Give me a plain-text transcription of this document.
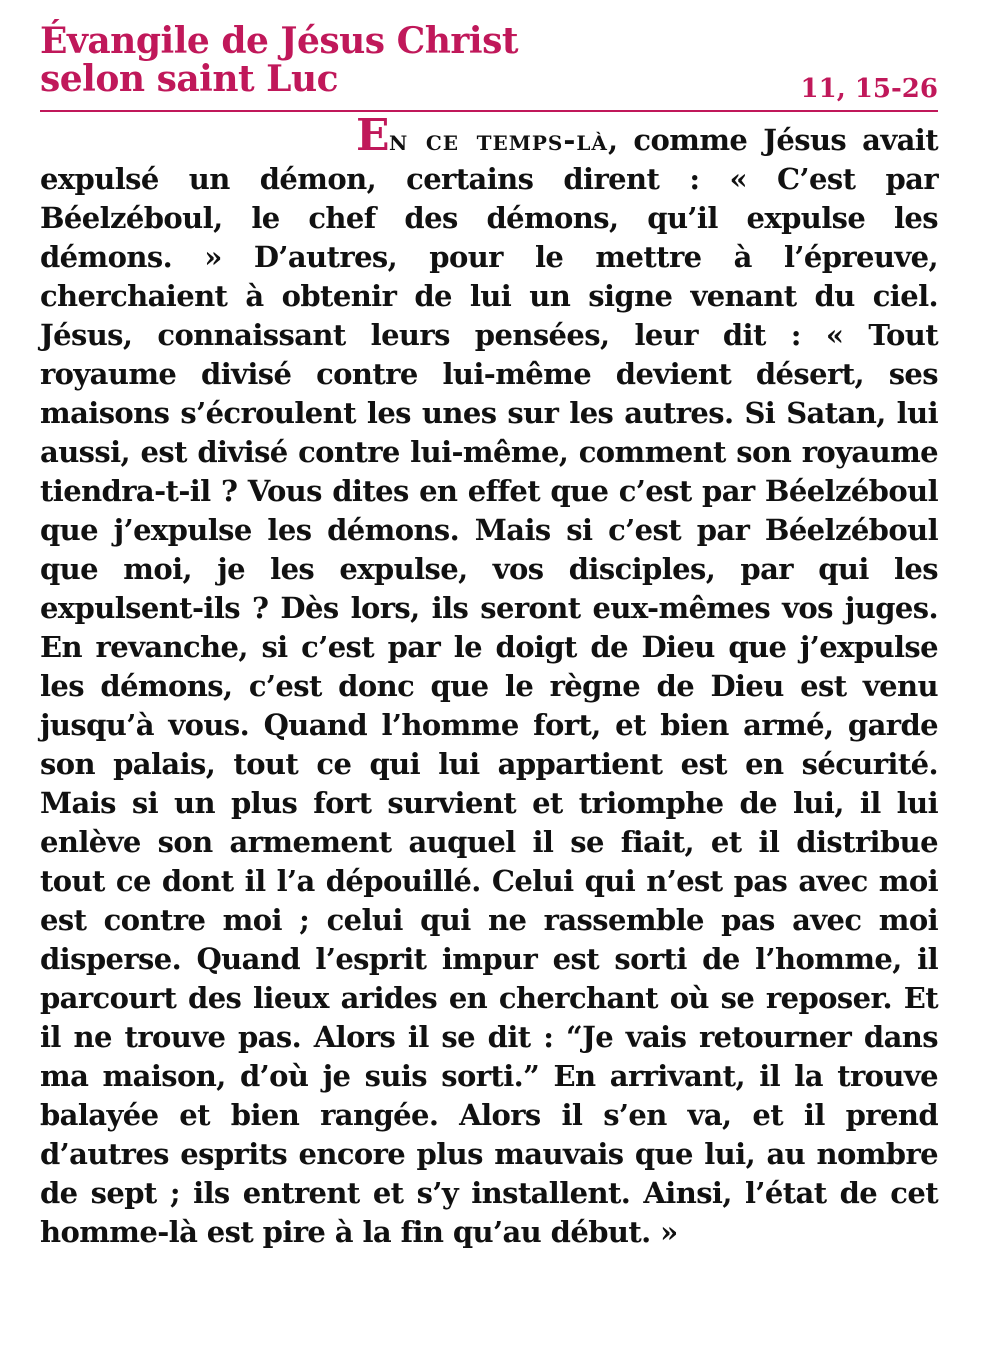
Évangile de Jésus Christ
selon saint Luc	11, 15-26

En ce temps-là, comme Jésus avait expulsé un démon, certains dirent : « C’est par Béelzéboul, le chef des démons, qu’il expulse les démons. » D’autres, pour le mettre à l’épreuve, cherchaient à obtenir de lui un signe venant du ciel. Jésus, connaissant leurs pensées, leur dit : « Tout royaume divisé contre lui-même devient désert, ses maisons s’écroulent les unes sur les autres. Si Satan, lui aussi, est divisé contre lui-même, comment son royaume tiendra-t-il ? Vous dites en effet que c’est par Béelzéboul que j’expulse les démons. Mais si c’est par Béelzéboul que moi, je les expulse, vos disciples, par qui les expulsent-ils ? Dès lors, ils seront eux-mêmes vos juges. En revanche, si c’est par le doigt de Dieu que j’expulse les démons, c’est donc que le règne de Dieu est venu jusqu’à vous. Quand l’homme fort, et bien armé, garde son palais, tout ce qui lui appartient est en sécurité. Mais si un plus fort survient et triomphe de lui, il lui enlève son armement auquel il se fiait, et il distribue tout ce dont il l’a dépouillé. Celui qui n’est pas avec moi est contre moi ; celui qui ne rassemble pas avec moi disperse. Quand l’esprit impur est sorti de l’homme, il parcourt des lieux arides en cherchant où se reposer. Et il ne trouve pas. Alors il se dit : “Je vais retourner dans ma maison, d’où je suis sorti.” En arrivant, il la trouve balayée et bien rangée. Alors il s’en va, et il prend d’autres esprits encore plus mauvais que lui, au nombre de sept ; ils entrent et s’y installent. Ainsi, l’état de cet homme-là est pire à la fin qu’au début. »
